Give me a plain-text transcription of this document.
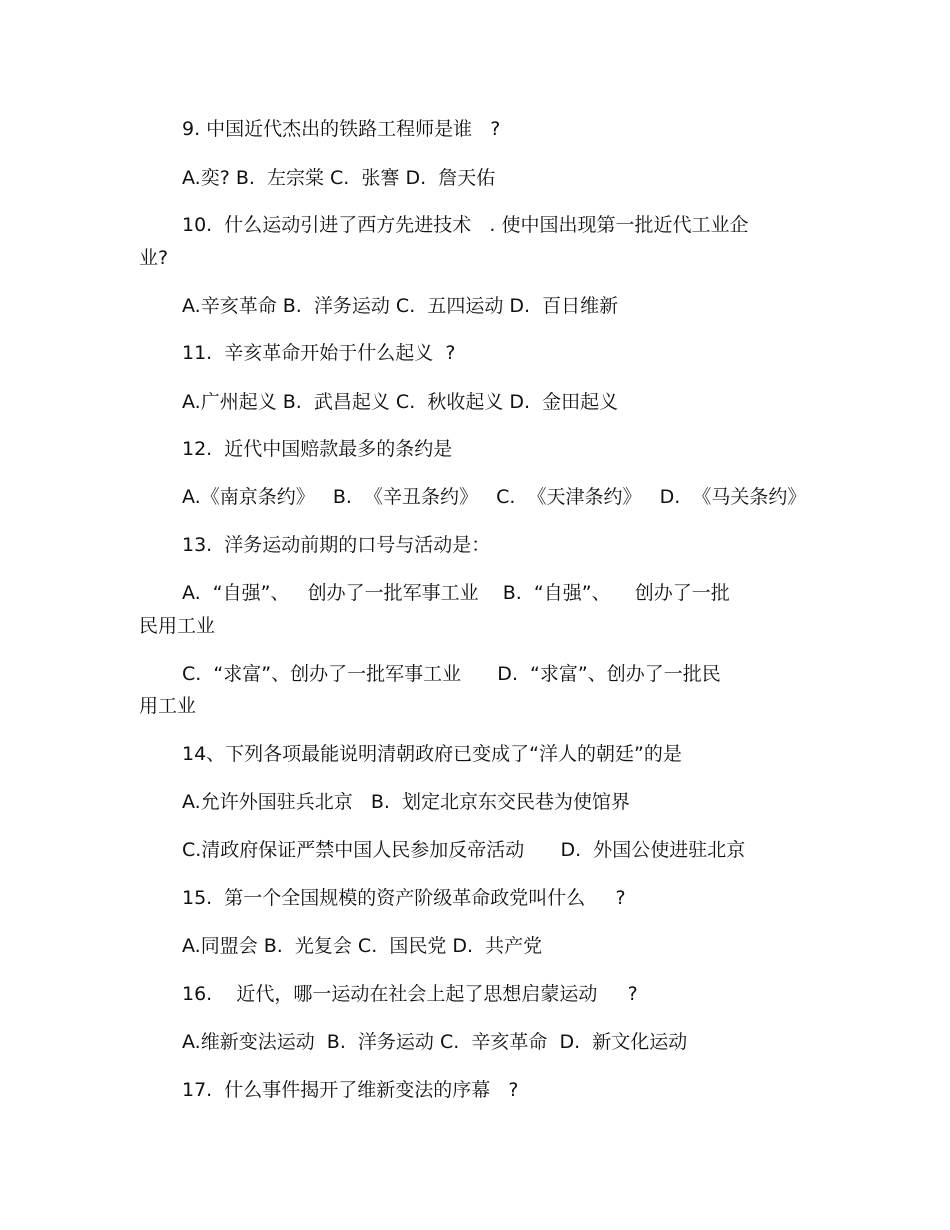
9. 中国近代杰出的铁路工程师是谁   ?
A.奕? B.  左宗棠 C.  张謇 D.  詹天佑
10.  什么运动引进了西方先进技术   . 使中国出现第一批近代工业企
业?
A.辛亥革命 B.  洋务运动 C.  五四运动 D.  百日维新
11.  辛亥革命开始于什么起义  ?
A.广州起义 B.  武昌起义 C.  秋收起义 D.  金田起义
12.  近代中国赔款最多的条约是
A.《南京条约》   B.  《辛丑条约》   C.  《天津条约》   D.  《马关条约》
13.  洋务运动前期的口号与活动是：
A.  “自强”、   创办了一批军事工业    B.  “自强”、    创办了一批
民用工业
C.  “求富”、创办了一批军事工业      D.  “求富”、创办了一批民
用工业
14、下列各项最能说明清朝政府已变成了“洋人的朝廷”的是
A.允许外国驻兵北京   B.  划定北京东交民巷为使馆界
C.清政府保证严禁中国人民参加反帝活动      D.  外国公使进驻北京
15.  第一个全国规模的资产阶级革命政党叫什么     ?
A.同盟会 B.  光复会 C.  国民党 D.  共产党
16.    近代，哪一运动在社会上起了思想启蒙运动     ?
A.维新变法运动  B.  洋务运动 C.  辛亥革命  D.  新文化运动
17.  什么事件揭开了维新变法的序幕   ?
